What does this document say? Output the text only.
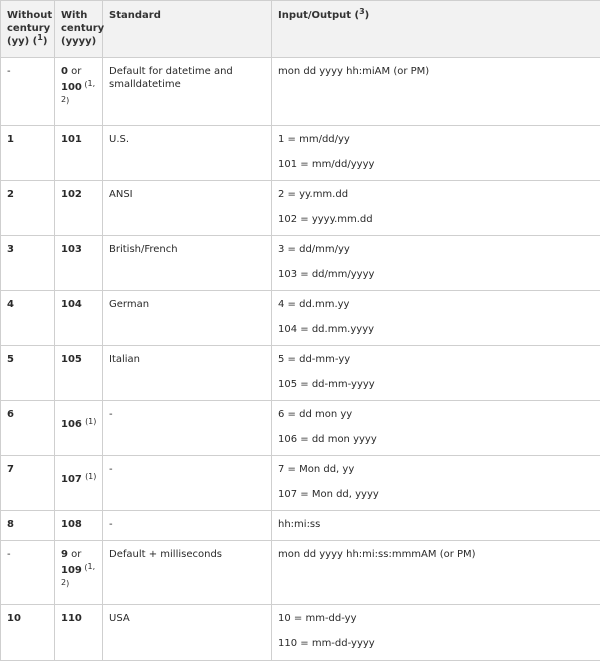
Without century (yy) ($^1$)	With century (yyyy)	Standard	Input/Output ($^3$)
-	0 or 100 $^{(1, 2)}$	Default for datetime and smalldatetime	mon dd yyyy hh:miAM (or PM)

1	101	U.S.	1 = mm/dd/yy
101 = mm/dd/yyyy

2	102	ANSI	2 = yy.mm.dd
102 = yyyy.mm.dd

3	103	British/French	3 = dd/mm/yy
103 = dd/mm/yyyy

4	104	German	4 = dd.mm.yy
104 = dd.mm.yyyy

5	105	Italian	5 = dd-mm-yy
105 = dd-mm-yyyy

6	106 $^{(1)}$	-	6 = dd mon yy
106 = dd mon yyyy

7	107 $^{(1)}$	-	7 = Mon dd, yy
107 = Mon dd, yyyy

8	108	-	hh:mi:ss

-	9 or 109 $^{(1, 2)}$	Default + milliseconds	mon dd yyyy hh:mi:ss:mmmAM (or PM)

10	110	USA	10 = mm-dd-yy
110 = mm-dd-yyyy
